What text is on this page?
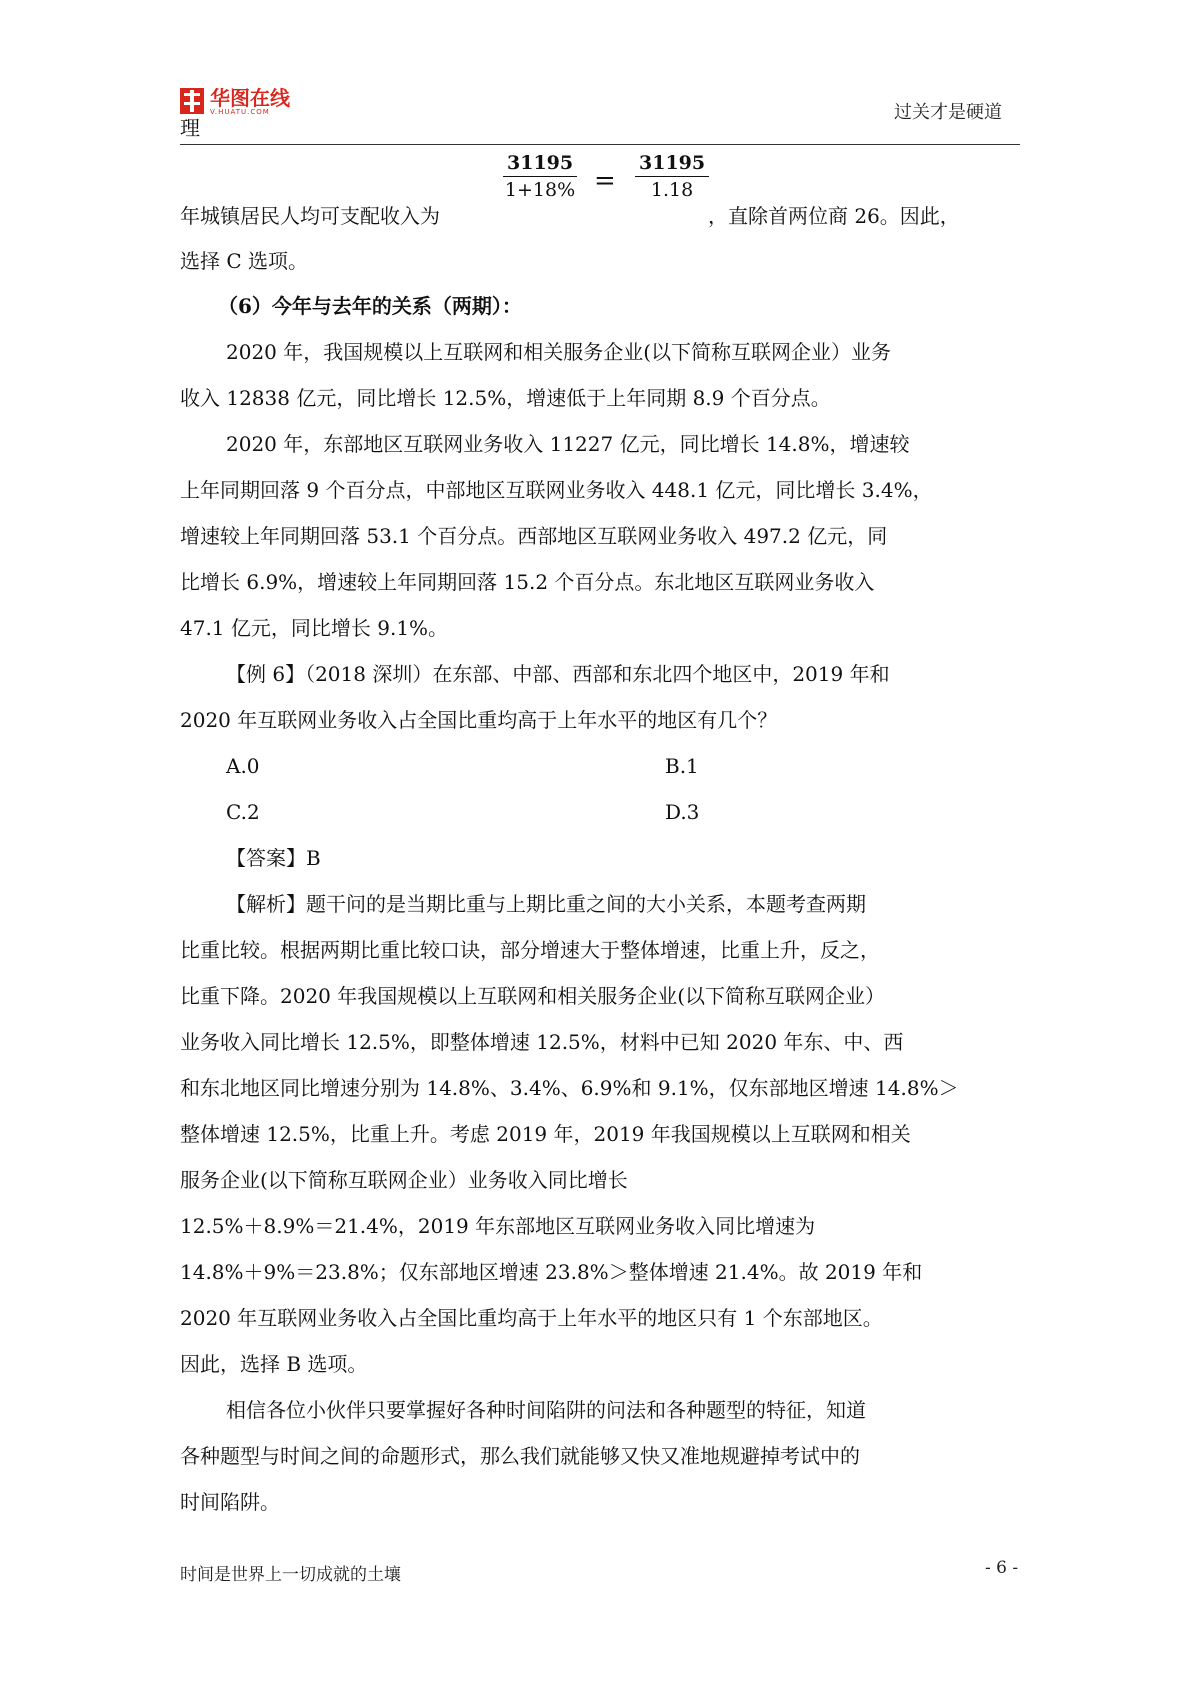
华图在线
V.HUATU.COM
理
过关才是硬道
$\frac{31195}{1+18\%} = \frac{31195}{1.18}$
年城镇居民人均可支配收入为	，直除首两位商 26。因此，
选择 C 选项。
（6）今年与去年的关系（两期）：
2020 年，我国规模以上互联网和相关服务企业(以下简称互联网企业）业务
收入 12838 亿元，同比增长 12.5%，增速低于上年同期 8.9 个百分点。
2020 年，东部地区互联网业务收入 11227 亿元，同比增长 14.8%，增速较
上年同期回落 9 个百分点，中部地区互联网业务收入 448.1 亿元，同比增长 3.4%，
增速较上年同期回落 53.1 个百分点。西部地区互联网业务收入 497.2 亿元，同
比增长 6.9%，增速较上年同期回落 15.2 个百分点。东北地区互联网业务收入
47.1 亿元，同比增长 9.1%。
【例 6】（2018 深圳）在东部、中部、西部和东北四个地区中，2019 年和
2020 年互联网业务收入占全国比重均高于上年水平的地区有几个？
A.0	B.1
C.2	D.3
【答案】B
【解析】题干问的是当期比重与上期比重之间的大小关系，本题考查两期
比重比较。根据两期比重比较口诀，部分增速大于整体增速，比重上升，反之，
比重下降。2020 年我国规模以上互联网和相关服务企业(以下简称互联网企业）
业务收入同比增长 12.5%，即整体增速 12.5%，材料中已知 2020 年东、中、西
和东北地区同比增速分别为 14.8%、3.4%、6.9%和 9.1%，仅东部地区增速 14.8%＞
整体增速 12.5%，比重上升。考虑 2019 年，2019 年我国规模以上互联网和相关
服务企业(以下简称互联网企业）业务收入同比增长
12.5%＋8.9%＝21.4%，2019 年东部地区互联网业务收入同比增速为
14.8%＋9%＝23.8%；仅东部地区增速 23.8%＞整体增速 21.4%。故 2019 年和
2020 年互联网业务收入占全国比重均高于上年水平的地区只有 1 个东部地区。
因此，选择 B 选项。
相信各位小伙伴只要掌握好各种时间陷阱的问法和各种题型的特征，知道
各种题型与时间之间的命题形式，那么我们就能够又快又准地规避掉考试中的
时间陷阱。
时间是世界上一切成就的土壤	- 6 -
